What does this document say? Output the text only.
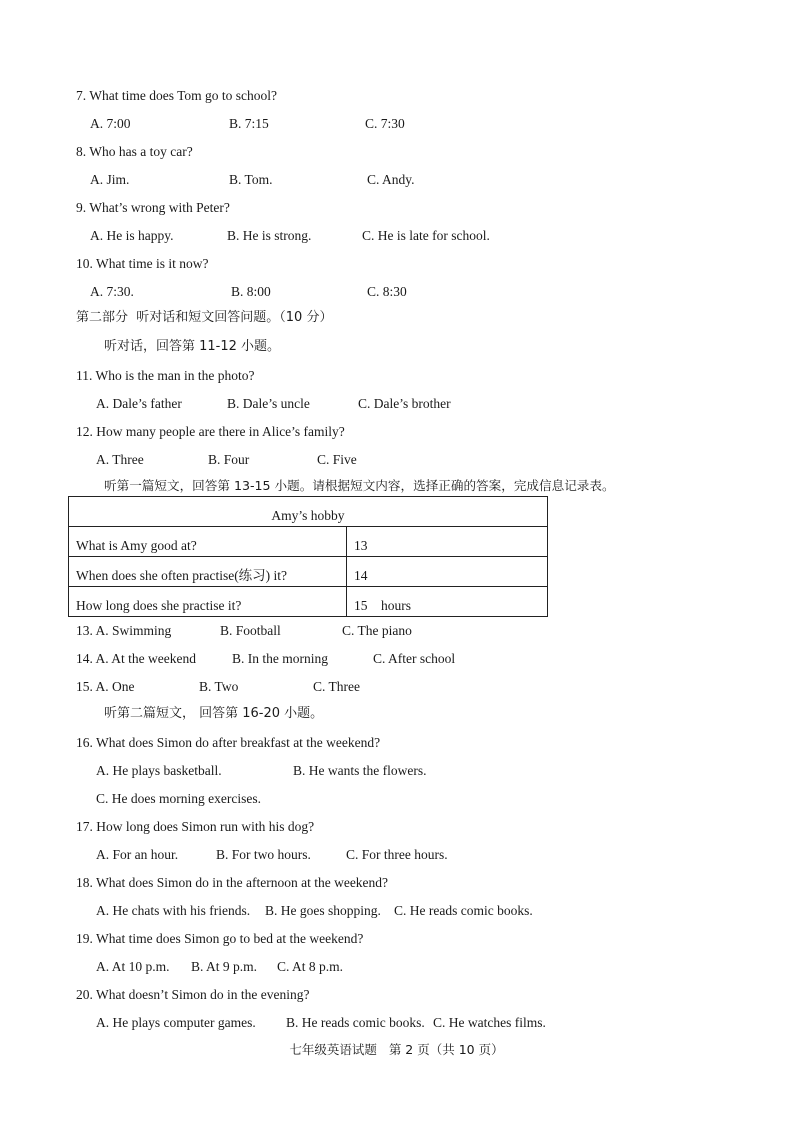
7. What time does Tom go to school?
A. 7:00	B. 7:15	C. 7:30
8. Who has a toy car?
A. Jim.	B. Tom.	C. Andy.
9. What’s wrong with Peter?
A. He is happy.	B. He is strong.	C. He is late for school.
10. What time is it now?
A. 7:30.	B. 8:00	C. 8:30
第二部分  听对话和短文回答问题。（10 分）
听对话，回答第 11-12 小题。
11. Who is the man in the photo?
A. Dale’s father	B. Dale’s uncle	C. Dale’s brother
12. How many people are there in Alice’s family?
A. Three	B. Four	C. Five
听第一篇短文，回答第 13-15 小题。请根据短文内容，选择正确的答案，完成信息记录表。
Amy’s hobby	
What is Amy good at?	13
When does she often practise(练习) it?	14
How long does she practise it?	15    hours
13. A. Swimming	B. Football	C. The piano
14. A. At the weekend	B. In the morning	C. After school
15. A. One	B. Two	C. Three
听第二篇短文， 回答第 16-20 小题。
16. What does Simon do after breakfast at the weekend?
A. He plays basketball.	B. He wants the flowers.
C. He does morning exercises.
17. How long does Simon run with his dog?
A. For an hour.	B. For two hours.	C. For three hours.
18. What does Simon do in the afternoon at the weekend?
A. He chats with his friends. B. He goes shopping. C. He reads comic books.
19. What time does Simon go to bed at the weekend?
A. At 10 p.m. B. At 9 p.m. C. At 8 p.m.
20. What doesn’t Simon do in the evening?
A. He plays computer games. B. He reads comic books. C. He watches films.
七年级英语试题   第 2 页（共 10 页）
